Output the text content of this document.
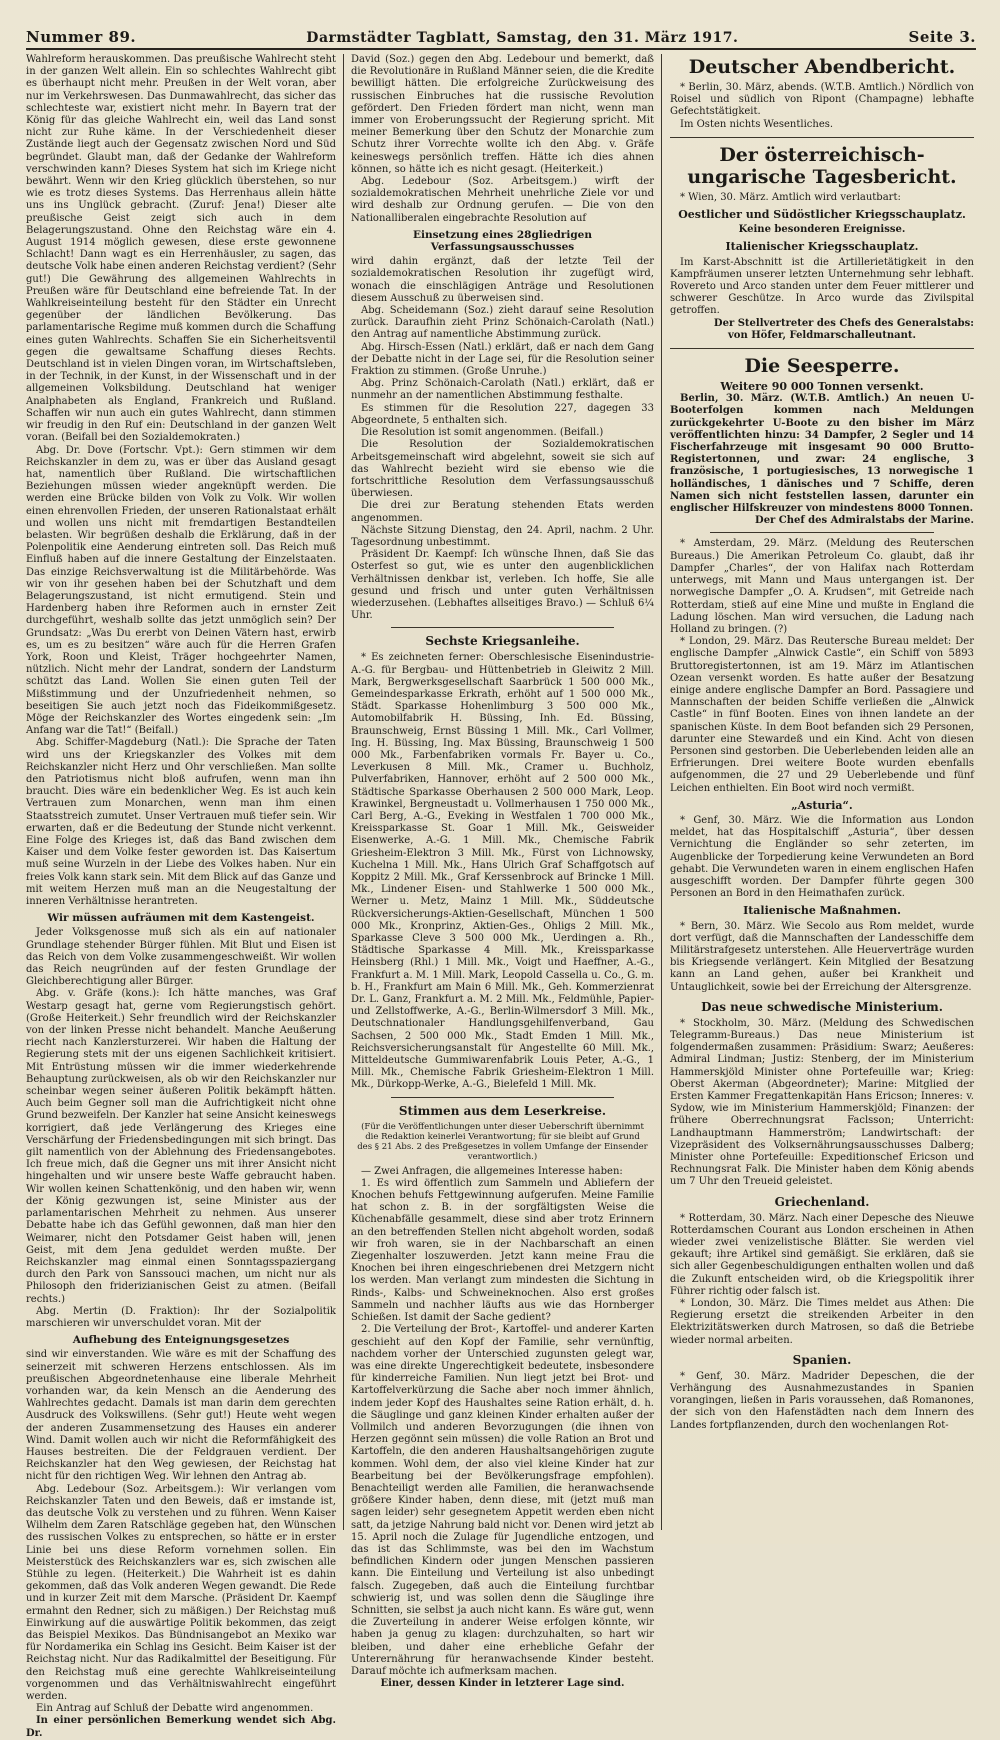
Nummer 89.	Darmstädter Tagblatt, Samstag, den 31. März 1917.	Seite 3.

Wahlreform herauskommen. Das preußische Wahlrecht steht in der ganzen Welt allein. Ein so schlechtes Wahlrecht gibt es überhaupt nicht mehr. Preußen in der Welt voran, aber nur im Verkehrswesen. Das Dunmawahlrecht, das sicher das schlechteste war, existiert nicht mehr. In Bayern trat der König für das gleiche Wahlrecht ein, weil das Land sonst nicht zur Ruhe käme. In der Verschiedenheit dieser Zustände liegt auch der Gegensatz zwischen Nord und Süd begründet. Glaubt man, daß der Gedanke der Wahlreform verschwinden kann? Dieses System hat sich im Kriege nicht bewährt. Wenn wir den Krieg glücklich überstehen, so nur wie es trotz dieses Systems. Das Herrenhaus allein hätte uns ins Unglück gebracht. (Zuruf: Jena!) Dieser alte preußische Geist zeigt sich auch in dem Belagerungszustand. Ohne den Reichstag wäre ein 4. August 1914 möglich gewesen, diese erste gewonnene Schlacht! Dann wagt es ein Herrenhäusler, zu sagen, das deutsche Volk habe einen anderen Reichstag verdient? (Sehr gut!) Die Gewährung des allgemeinen Wahlrechts in Preußen wäre für Deutschland eine befreiende Tat. In der Wahlkreiseinteilung besteht für den Städter ein Unrecht gegenüber der ländlichen Bevölkerung. Das parlamentarische Regime muß kommen durch die Schaffung eines guten Wahlrechts. Schaffen Sie ein Sicherheitsventil gegen die gewaltsame Schaffung dieses Rechts. Deutschland ist in vielen Dingen voran, im Wirtschaftsleben, in der Technik, in der Kunst, in der Wissenschaft und in der allgemeinen Volksbildung. Deutschland hat weniger Analphabeten als England, Frankreich und Rußland. Schaffen wir nun auch ein gutes Wahlrecht, dann stimmen wir freudig in den Ruf ein: Deutschland in der ganzen Welt voran. (Beifall bei den Sozialdemokraten.)

Abg. Dr. Dove (Fortschr. Vpt.): Gern stimmen wir dem Reichskanzler in dem zu, was er über das Ausland gesagt hat, namentlich über Rußland. Die wirtschaftlichen Beziehungen müssen wieder angeknüpft werden. Die werden eine Brücke bilden von Volk zu Volk. Wir wollen einen ehrenvollen Frieden, der unseren Rationalstaat erhält und wollen uns nicht mit fremdartigen Bestandteilen belasten. Wir begrüßen deshalb die Erklärung, daß in der Polenpolitik eine Aenderung eintreten soll. Das Reich muß Einfluß haben auf die innere Gestaltung der Einzelstaaten. Das einzige Reichsverwaltung ist die Militärbehörde. Was wir von ihr gesehen haben bei der Schutzhaft und dem Belagerungszustand, ist nicht ermutigend. Stein und Hardenberg haben ihre Reformen auch in ernster Zeit durchgeführt, weshalb sollte das jetzt unmöglich sein? Der Grundsatz: „Was Du ererbt von Deinen Vätern hast, erwirb es, um es zu besitzen“ wäre auch für die Herren Grafen York, Roon und Kleist, Träger hochgeehrter Namen, nützlich. Nicht mehr der Landrat, sondern der Landsturm schützt das Land. Wollen Sie einen guten Teil der Mißstimmung und der Unzufriedenheit nehmen, so beseitigen Sie auch jetzt noch das Fideikommißgesetz. Möge der Reichskanzler des Wortes eingedenk sein: „Im Anfang war die Tat!“ (Beifall.)

Abg. Schiffer-Magdeburg (Natl.): Die Sprache der Taten wird uns der Kriegskanzler des Volkes mit dem Reichskanzler nicht Herz und Ohr verschließen. Man sollte den Patriotismus nicht bloß aufrufen, wenn man ihn braucht. Dies wäre ein bedenklicher Weg. Es ist auch kein Vertrauen zum Monarchen, wenn man ihm einen Staatsstreich zumutet. Unser Vertrauen muß tiefer sein. Wir erwarten, daß er die Bedeutung der Stunde nicht verkennt. Eine Folge des Krieges ist, daß das Band zwischen dem Kaiser und dem Volke fester geworden ist. Das Kaisertum muß seine Wurzeln in der Liebe des Volkes haben. Nur ein freies Volk kann stark sein. Mit dem Blick auf das Ganze und mit weitem Herzen muß man an die Neugestaltung der inneren Verhältnisse herantreten.

Wir müssen aufräumen mit dem Kastengeist.

Jeder Volksgenosse muß sich als ein auf nationaler Grundlage stehender Bürger fühlen. Mit Blut und Eisen ist das Reich von dem Volke zusammengeschweißt. Wir wollen das Reich neugründen auf der festen Grundlage der Gleichberechtigung aller Bürger.

Abg. v. Gräfe (kons.): Ich hätte manches, was Graf Westarp gesagt hat, gerne vom Regierungstisch gehört. (Große Heiterkeit.) Sehr freundlich wird der Reichskanzler von der linken Presse nicht behandelt. Manche Aeußerung riecht nach Kanzlersturzerei. Wir haben die Haltung der Regierung stets mit der uns eigenen Sachlichkeit kritisiert. Mit Entrüstung müssen wir die immer wiederkehrende Behauptung zurückweisen, als ob wir den Reichskanzler nur scheinbar wegen seiner äußeren Politik bekämpft hätten. Auch beim Gegner soll man die Aufrichtigkeit nicht ohne Grund bezweifeln. Der Kanzler hat seine Ansicht keineswegs korrigiert, daß jede Verlängerung des Krieges eine Verschärfung der Friedensbedingungen mit sich bringt. Das gilt namentlich von der Ablehnung des Friedensangebotes. Ich freue mich, daß die Gegner uns mit ihrer Ansicht nicht hingehalten und wir unsere beste Waffe gebraucht haben. Wir wollen keinen Schattenkönig, und den haben wir, wenn der König gezwungen ist, seine Minister aus der parlamentarischen Mehrheit zu nehmen. Aus unserer Debatte habe ich das Gefühl gewonnen, daß man hier den Weimarer, nicht den Potsdamer Geist haben will, jenen Geist, mit dem Jena geduldet werden mußte. Der Reichskanzler mag einmal einen Sonntagsspaziergang durch den Park von Sanssouci machen, um nicht nur als Philosoph den friderizianischen Geist zu atmen. (Beifall rechts.)

Abg. Mertin (D. Fraktion): Ihr der Sozialpolitik marschieren wir unverschuldet voran. Mit der

Aufhebung des Enteignungsgesetzes

sind wir einverstanden. Wie wäre es mit der Schaffung des seinerzeit mit schweren Herzens entschlossen. Als im preußischen Abgeordnetenhause eine liberale Mehrheit vorhanden war, da kein Mensch an die Aenderung des Wahlrechtes gedacht. Damals ist man darin dem gerechten Ausdruck des Volkswillens. (Sehr gut!) Heute weht wegen der anderen Zusammensetzung des Hauses ein anderer Wind. Damit wollen auch wir nicht die Reformfähigkeit des Hauses bestreiten. Die der Feldgrauen verdient. Der Reichskanzler hat den Weg gewiesen, der Reichstag hat nicht für den richtigen Weg. Wir lehnen den Antrag ab.

Abg. Ledebour (Soz. Arbeitsgem.): Wir verlangen vom Reichskanzler Taten und den Beweis, daß er imstande ist, das deutsche Volk zu verstehen und zu führen. Wenn Kaiser Wilhelm dem Zaren Ratschläge gegeben hat, den Wünschen des russischen Volkes zu entsprechen, so hätte er in erster Linie bei uns diese Reform vornehmen sollen. Ein Meisterstück des Reichskanzlers war es, sich zwischen alle Stühle zu legen. (Heiterkeit.) Die Wahrheit ist es dahin gekommen, daß das Volk anderen Wegen gewandt. Die Rede und in kurzer Zeit mit dem Marsche. (Präsident Dr. Kaempf ermahnt den Redner, sich zu mäßigen.) Der Reichstag muß Einwirkung auf die auswärtige Politik bekommen, das zeigt das Beispiel Mexikos. Das Bündnisangebot an Mexiko war für Nordamerika ein Schlag ins Gesicht. Beim Kaiser ist der Reichstag nicht. Nur das Radikalmittel der Beseitigung. Für den Reichstag muß eine gerechte Wahlkreiseinteilung vorgenommen und das Verhältniswahlrecht eingeführt werden.

Ein Antrag auf Schluß der Debatte wird angenommen.

In einer persönlichen Bemerkung wendet sich Abg. Dr.

David (Soz.) gegen den Abg. Ledebour und bemerkt, daß die Revolutionäre in Rußland Männer seien, die die Kredite bewilligt hätten. Die erfolgreiche Zurückweisung des russischen Einbruches hat die russische Revolution gefördert. Den Frieden fördert man nicht, wenn man immer von Eroberungssucht der Regierung spricht. Mit meiner Bemerkung über den Schutz der Monarchie zum Schutz ihrer Vorrechte wollte ich den Abg. v. Gräfe keineswegs persönlich treffen. Hätte ich dies ahnen können, so hätte ich es nicht gesagt. (Heiterkeit.)

Abg. Ledebour (Soz. Arbeitsgem.) wirft der sozialdemokratischen Mehrheit unehrliche Ziele vor und wird deshalb zur Ordnung gerufen. — Die von den Nationalliberalen eingebrachte Resolution auf

Einsetzung eines 28gliedrigen Verfassungsausschusses

wird dahin ergänzt, daß der letzte Teil der sozialdemokratischen Resolution ihr zugefügt wird, wonach die einschlägigen Anträge und Resolutionen diesem Ausschuß zu überweisen sind.

Abg. Scheidemann (Soz.) zieht darauf seine Resolution zurück. Daraufhin zieht Prinz Schönaich-Carolath (Natl.) den Antrag auf namentliche Abstimmung zurück.

Abg. Hirsch-Essen (Natl.) erklärt, daß er nach dem Gang der Debatte nicht in der Lage sei, für die Resolution seiner Fraktion zu stimmen. (Große Unruhe.)

Abg. Prinz Schönaich-Carolath (Natl.) erklärt, daß er nunmehr an der namentlichen Abstimmung festhalte.

Es stimmen für die Resolution 227, dagegen 33 Abgeordnete, 5 enthalten sich.

Die Resolution ist somit angenommen. (Beifall.)

Die Resolution der Sozialdemokratischen Arbeitsgemeinschaft wird abgelehnt, soweit sie sich auf das Wahlrecht bezieht wird sie ebenso wie die fortschrittliche Resolution dem Verfassungsausschuß überwiesen.

Die drei zur Beratung stehenden Etats werden angenommen.

Nächste Sitzung Dienstag, den 24. April, nachm. 2 Uhr. Tagesordnung unbestimmt.

Präsident Dr. Kaempf: Ich wünsche Ihnen, daß Sie das Osterfest so gut, wie es unter den augenblicklichen Verhältnissen denkbar ist, verleben. Ich hoffe, Sie alle gesund und frisch und unter guten Verhältnissen wiederzusehen. (Lebhaftes allseitiges Bravo.) — Schluß 6¼ Uhr.

Sechste Kriegsanleihe.

* Es zeichneten ferner: Oberschlesische Eisenindustrie-A.-G. für Bergbau- und Hüttenbetrieb in Gleiwitz 2 Mill. Mark, Bergwerksgesellschaft Saarbrück 1 500 000 Mk., Gemeindesparkasse Erkrath, erhöht auf 1 500 000 Mk., Städt. Sparkasse Hohenlimburg 3 500 000 Mk., Automobilfabrik H. Büssing, Inh. Ed. Büssing, Braunschweig, Ernst Büssing 1 Mill. Mk., Carl Vollmer, Ing. H. Büssing, Ing. Max Büssing, Braunschweig 1 500 000 Mk., Farbenfabriken vormals Fr. Bayer u. Co., Leverkusen 8 Mill. Mk., Cramer u. Buchholz, Pulverfabriken, Hannover, erhöht auf 2 500 000 Mk., Städtische Sparkasse Oberhausen 2 500 000 Mark, Leop. Krawinkel, Bergneustadt u. Vollmerhausen 1 750 000 Mk., Carl Berg, A.-G., Eveking in Westfalen 1 700 000 Mk., Kreissparkasse St. Goar 1 Mill. Mk., Geisweider Eisenwerke, A.-G. 1 Mill. Mk., Chemische Fabrik Griesheim-Elektron 3 Mill. Mk., Fürst von Lichnowsky, Kuchelna 1 Mill. Mk., Hans Ulrich Graf Schaffgotsch auf Koppitz 2 Mill. Mk., Graf Kerssenbrock auf Brincke 1 Mill. Mk., Lindener Eisen- und Stahlwerke 1 500 000 Mk., Werner u. Metz, Mainz 1 Mill. Mk., Süddeutsche Rückversicherungs-Aktien-Gesellschaft, München 1 500 000 Mk., Kronprinz, Aktien-Ges., Ohligs 2 Mill. Mk., Sparkasse Cleve 3 500 000 Mk., Uerdingen a. Rh., Städtische Sparkasse 4 Mill. Mk., Kreissparkasse Heinsberg (Rhl.) 1 Mill. Mk., Voigt und Haeffner, A.-G., Frankfurt a. M. 1 Mill. Mark, Leopold Cassella u. Co., G. m. b. H., Frankfurt am Main 6 Mill. Mk., Geh. Kommerzienrat Dr. L. Ganz, Frankfurt a. M. 2 Mill. Mk., Feldmühle, Papier- und Zellstoffwerke, A.-G., Berlin-Wilmersdorf 3 Mill. Mk., Deutschnationaler Handlungsgehilfenverband, Gau Sachsen, 2 500 000 Mk., Stadt Emden 1 Mill. Mk., Reichsversicherungsanstalt für Angestellte 60 Mill. Mk., Mitteldeutsche Gummiwarenfabrik Louis Peter, A.-G., 1 Mill. Mk., Chemische Fabrik Griesheim-Elektron 1 Mill. Mk., Dürkopp-Werke, A.-G., Bielefeld 1 Mill. Mk.

Stimmen aus dem Leserkreise.
(Für die Veröffentlichungen unter dieser Ueberschrift übernimmt die Redaktion keinerlei Verantwortung; für sie bleibt auf Grund des § 21 Abs. 2 des Preßgesetzes in vollem Umfange der Einsender verantwortlich.)

— Zwei Anfragen, die allgemeines Interesse haben:

1. Es wird öffentlich zum Sammeln und Abliefern der Knochen behufs Fettgewinnung aufgerufen. Meine Familie hat schon z. B. in der sorgfältigsten Weise die Küchenabfälle gesammelt, diese sind aber trotz Erinnern an den betreffenden Stellen nicht abgeholt worden, sodaß wir froh waren, sie in der Nachbarschaft an einen Ziegenhalter loszuwerden. Jetzt kann meine Frau die Knochen bei ihren eingeschriebenen drei Metzgern nicht los werden. Man verlangt zum mindesten die Sichtung in Rinds-, Kalbs- und Schweineknochen. Also erst großes Sammeln und nachher läufts aus wie das Hornberger Schießen. Ist damit der Sache gedient?

2. Die Verteilung der Brot-, Kartoffel- und anderer Karten geschieht auf den Kopf der Familie, sehr vernünftig, nachdem vorher der Unterschied zugunsten gelegt war, was eine direkte Ungerechtigkeit bedeutete, insbesondere für kinderreiche Familien. Nun liegt jetzt bei Brot- und Kartoffelverkürzung die Sache aber noch immer ähnlich, indem jeder Kopf des Haushaltes seine Ration erhält, d. h. die Säuglinge und ganz kleinen Kinder erhalten außer der Vollmilch und anderen Bevorzugungen (die ihnen von Herzen gegönnt sein müssen) die volle Ration an Brot und Kartoffeln, die den anderen Haushaltsangehörigen zugute kommen. Wohl dem, der also viel kleine Kinder hat zur Bearbeitung bei der Bevölkerungsfrage empfohlen). Benachteiligt werden alle Familien, die heranwachsende größere Kinder haben, denn diese, mit (jetzt muß man sagen leider) sehr gesegnetem Appetit werden eben nicht satt, da jetzige Nahrung bald nicht vor. Denen wird jetzt ab 15. April noch die Zulage für Jugendliche entzogen, und das ist das Schlimmste, was bei den im Wachstum befindlichen Kindern oder jungen Menschen passieren kann. Die Einteilung und Verteilung ist also unbedingt falsch. Zugegeben, daß auch die Einteilung furchtbar schwierig ist, und was sollen denn die Säuglinge ihre Schnitten, sie selbst ja auch nicht kann. Es wäre gut, wenn die Zuverteilung in anderer Weise erfolgen könnte, wir haben ja genug zu klagen: durchzuhalten, so hart wir bleiben, und daher eine erhebliche Gefahr der Unterernährung für heranwachsende Kinder besteht. Darauf möchte ich aufmerksam machen.

Einer, dessen Kinder in letzterer Lage sind.
Deutscher Abendbericht.

* Berlin, 30. März, abends. (W.T.B. Amtlich.) Nördlich von Roisel und südlich von Ripont (Champagne) lebhafte Gefechtstätigkeit.

Im Osten nichts Wesentliches.

Der österreichisch-ungarische Tagesbericht.

* Wien, 30. März. Amtlich wird verlautbart:

Oestlicher und Südöstlicher Kriegsschauplatz.
Keine besonderen Ereignisse.
Italienischer Kriegsschauplatz.

Im Karst-Abschnitt ist die Artillerietätigkeit in den Kampfräumen unserer letzten Unternehmung sehr lebhaft. Rovereto und Arco standen unter dem Feuer mittlerer und schwerer Geschütze. In Arco wurde das Zivilspital getroffen.

Der Stellvertreter des Chefs des Generalstabs:
von Höfer, Feldmarschalleutnant.
Die Seesperre.
Weitere 90 000 Tonnen versenkt.

Berlin, 30. März. (W.T.B. Amtlich.) An neuen U-Booterfolgen kommen nach Meldungen zurückgekehrter U-Boote zu den bisher im März veröffentlichten hinzu: 34 Dampfer, 2 Segler und 14 Fischerfahrzeuge mit insgesamt 90 000 Brutto-Registertonnen, und zwar: 24 englische, 3 französische, 1 portugiesisches, 13 norwegische 1 holländisches, 1 dänisches und 7 Schiffe, deren Namen sich nicht feststellen lassen, darunter ein englischer Hilfskreuzer von mindestens 8000 Tonnen.

Der Chef des Admiralstabs der Marine.

* Amsterdam, 29. März. (Meldung des Reuterschen Bureaus.) Die Amerikan Petroleum Co. glaubt, daß ihr Dampfer „Charles“, der von Halifax nach Rotterdam unterwegs, mit Mann und Maus untergangen ist. Der norwegische Dampfer „O. A. Krudsen“, mit Getreide nach Rotterdam, stieß auf eine Mine und mußte in England die Ladung löschen. Man wird versuchen, die Ladung nach Holland zu bringen. (?)

* London, 29. März. Das Reutersche Bureau meldet: Der englische Dampfer „Alnwick Castle“, ein Schiff von 5893 Bruttoregistertonnen, ist am 19. März im Atlantischen Ozean versenkt worden. Es hatte außer der Besatzung einige andere englische Dampfer an Bord. Passagiere und Mannschaften der beiden Schiffe verließen die „Alnwick Castle“ in fünf Booten. Eines von ihnen landete an der spanischen Küste. In dem Boot befanden sich 29 Personen, darunter eine Stewardeß und ein Kind. Acht von diesen Personen sind gestorben. Die Ueberlebenden leiden alle an Erfrierungen. Drei weitere Boote wurden ebenfalls aufgenommen, die 27 und 29 Ueberlebende und fünf Leichen enthielten. Ein Boot wird noch vermißt.

„Asturia“.

* Genf, 30. März. Wie die Information aus London meldet, hat das Hospitalschiff „Asturia“, über dessen Vernichtung die Engländer so sehr zeterten, im Augenblicke der Torpedierung keine Verwundeten an Bord gehabt. Die Verwundeten waren in einem englischen Hafen ausgeschifft worden. Der Dampfer führte gegen 300 Personen an Bord in den Heimathafen zurück.

Italienische Maßnahmen.

* Bern, 30. März. Wie Secolo aus Rom meldet, wurde dort verfügt, daß die Mannschaften der Landesschiffe dem Militärstrafgesetz unterstehen. Alle Heuerverträge wurden bis Kriegsende verlängert. Kein Mitglied der Besatzung kann an Land gehen, außer bei Krankheit und Untauglichkeit, sowie bei der Erreichung der Altersgrenze.

Das neue schwedische Ministerium.

* Stockholm, 30. März. (Meldung des Schwedischen Telegramm-Bureaus.) Das neue Ministerium ist folgendermaßen zusammen: Präsidium: Swarz; Aeußeres: Admiral Lindman; Justiz: Stenberg, der im Ministerium Hammerskjöld Minister ohne Portefeuille war; Krieg: Oberst Akerman (Abgeordneter); Marine: Mitglied der Ersten Kammer Fregattenkapitän Hans Ericson; Inneres: v. Sydow, wie im Ministerium Hammerskjöld; Finanzen: der frühere Oberrechnungsrat Faclsson; Unterricht: Landhauptmann Hammerström; Landwirtschaft: der Vizepräsident des Volksernährungsausschusses Dalberg; Minister ohne Portefeuille: Expeditionschef Ericson und Rechnungsrat Falk. Die Minister haben dem König abends um 7 Uhr den Treueid geleistet.

Griechenland.

* Rotterdam, 30. März. Nach einer Depesche des Nieuwe Rotterdamschen Courant aus London erscheinen in Athen wieder zwei venizelistische Blätter. Sie werden viel gekauft; ihre Artikel sind gemäßigt. Sie erklären, daß sie sich aller Gegenbeschuldigungen enthalten wollen und daß die Zukunft entscheiden wird, ob die Kriegspolitik ihrer Führer richtig oder falsch ist.

* London, 30. März. Die Times meldet aus Athen: Die Regierung ersetzt die streikenden Arbeiter in den Elektrizitätswerken durch Matrosen, so daß die Betriebe wieder normal arbeiten.

Spanien.

* Genf, 30. März. Madrider Depeschen, die der Verhängung des Ausnahmezustandes in Spanien vorangingen, ließen in Paris voraussehen, daß Romanones, der sich von den Hafenstädten nach dem Innern des Landes fortpflanzenden, durch den wochenlangen Rot-
